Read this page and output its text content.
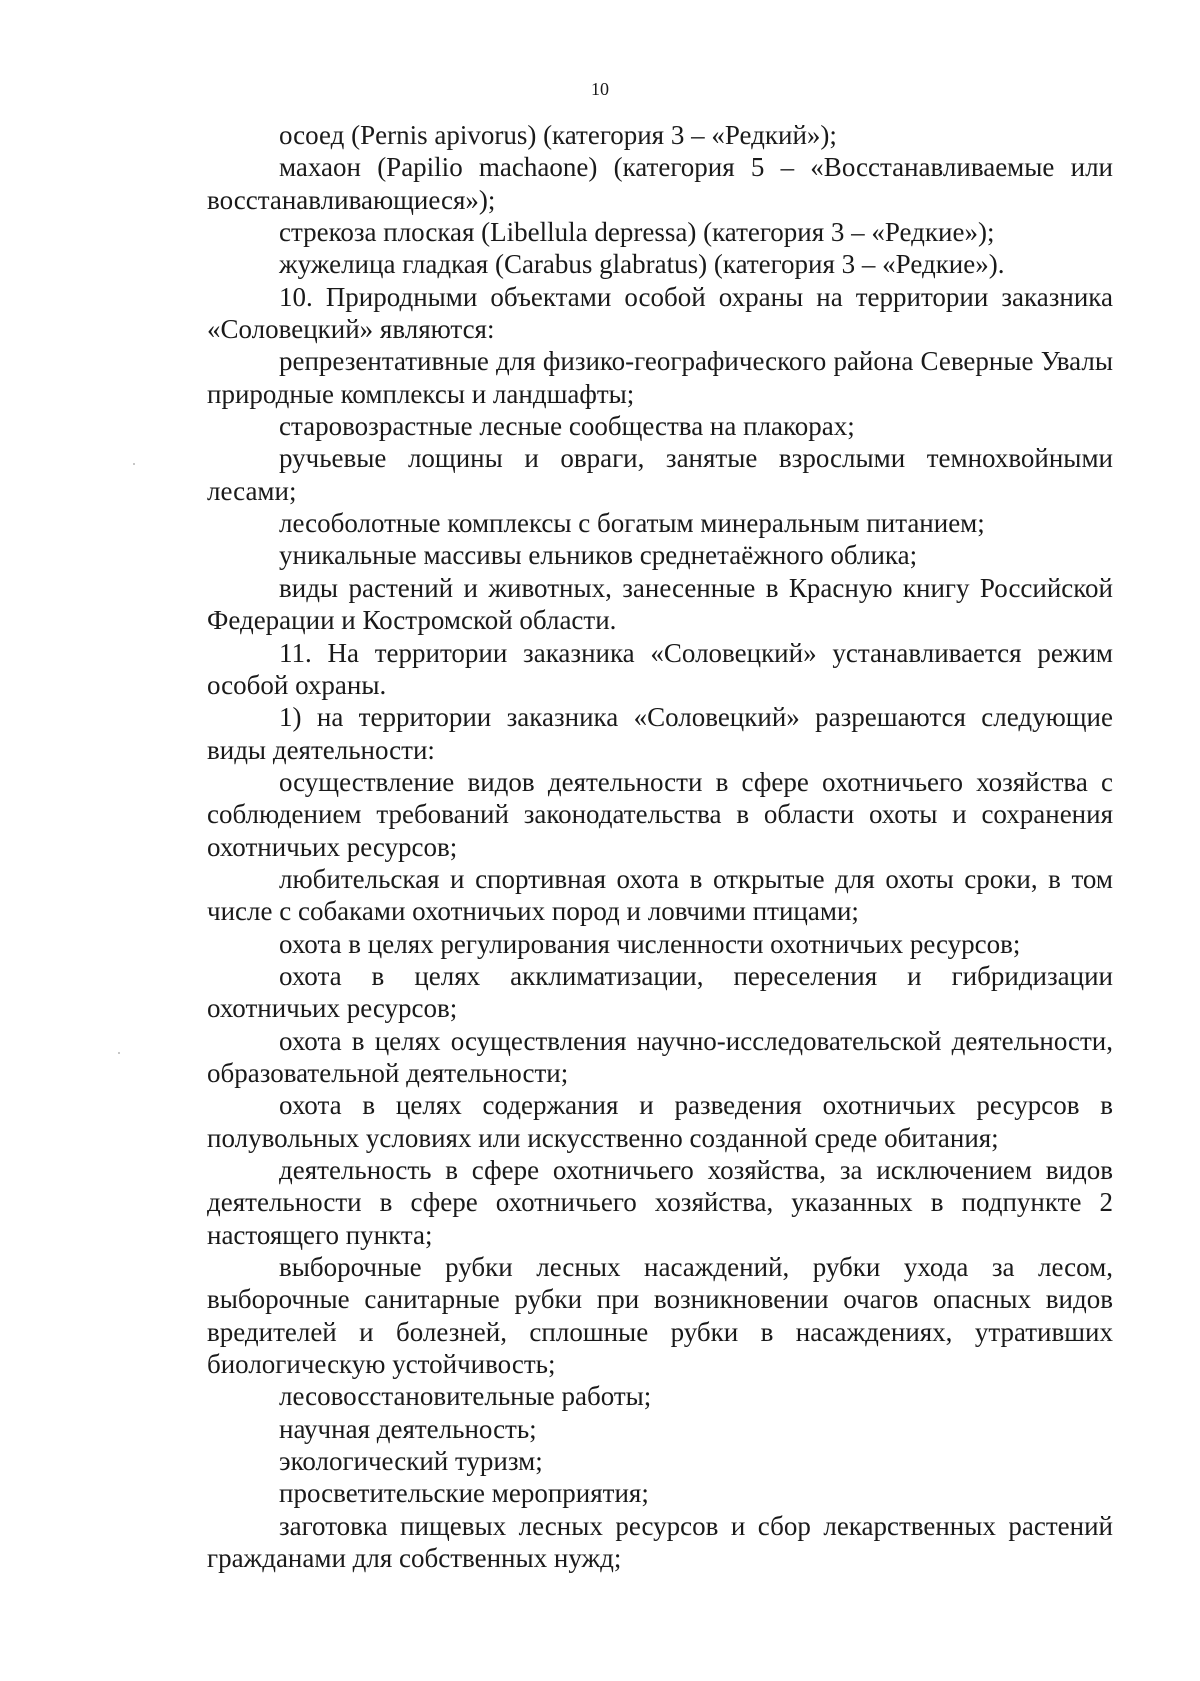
10

осоед (Pernis apivorus) (категория 3 – «Редкий»);

махаон (Papilio machaone) (категория 5 – «Восстанавливаемые или восстанавливающиеся»);

стрекоза плоская (Libellula depressa) (категория 3 – «Редкие»);

жужелица гладкая (Carabus glabratus) (категория 3 – «Редкие»).

10. Природными объектами особой охраны на территории заказника «Соловецкий» являются:

репрезентативные для физико-географического района Северные Увалы природные комплексы и ландшафты;

старовозрастные лесные сообщества на плакорах;

ручьевые лощины и овраги, занятые взрослыми темнохвойными лесами;

лесоболотные комплексы с богатым минеральным питанием;

уникальные массивы ельников среднетаёжного облика;

виды растений и животных, занесенные в Красную книгу Российской Федерации и Костромской области.

11. На территории заказника «Соловецкий» устанавливается режим особой охраны.

1) на территории заказника «Соловецкий» разрешаются следующие виды деятельности:

осуществление видов деятельности в сфере охотничьего хозяйства с соблюдением требований законодательства в области охоты и сохранения охотничьих ресурсов;

любительская и спортивная охота в открытые для охоты сроки, в том числе с собаками охотничьих пород и ловчими птицами;

охота в целях регулирования численности охотничьих ресурсов;

охота в целях акклиматизации, переселения и гибридизации охотничьих ресурсов;

охота в целях осуществления научно-исследовательской деятельности, образовательной деятельности;

охота в целях содержания и разведения охотничьих ресурсов в полувольных условиях или искусственно созданной среде обитания;

деятельность в сфере охотничьего хозяйства, за исключением видов деятельности в сфере охотничьего хозяйства, указанных в подпункте 2 настоящего пункта;

выборочные рубки лесных насаждений, рубки ухода за лесом, выборочные санитарные рубки при возникновении очагов опасных видов вредителей и болезней, сплошные рубки в насаждениях, утративших биологическую устойчивость;

лесовосстановительные работы;

научная деятельность;

экологический туризм;

просветительские мероприятия;

заготовка пищевых лесных ресурсов и сбор лекарственных растений гражданами для собственных нужд;
